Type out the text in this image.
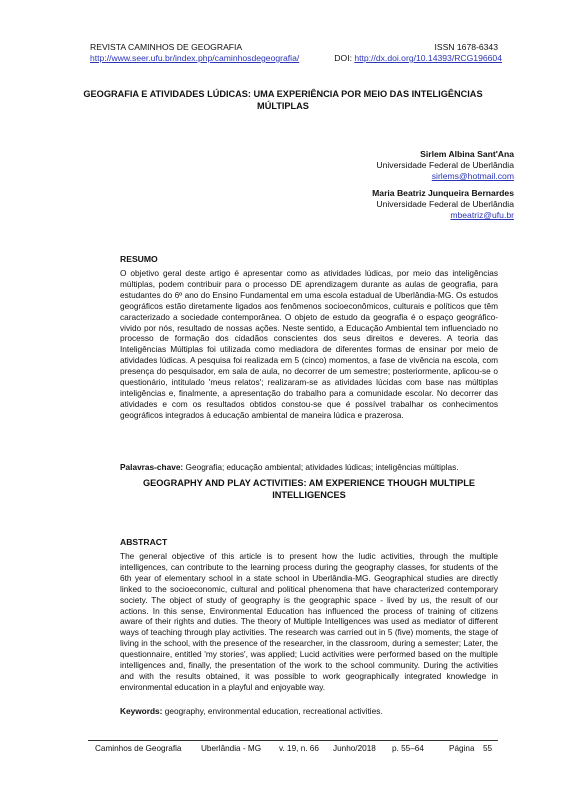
REVISTA CAMINHOS DE GEOGRAFIA	ISSN 1678-6343
http://www.seer.ufu.br/index.php/caminhosdegeografia/	DOI: http://dx.doi.org/10.14393/RCG196604
GEOGRAFIA E ATIVIDADES LÚDICAS: UMA EXPERIÊNCIA POR MEIO DAS INTELIGÊNCIAS
MÚLTIPLAS
Sirlem Albina Sant'Ana
Universidade Federal de Uberlândia
sirlems@hotmail.com
Maria Beatriz Junqueira Bernardes
Universidade Federal de Uberlândia
mbeatriz@ufu.br
RESUMO
O objetivo geral deste artigo é apresentar como as atividades lúdicas, por meio das inteligências múltiplas, podem contribuir para o processo DE aprendizagem durante as aulas de geografia, para estudantes do 6º ano do Ensino Fundamental em uma escola estadual de Uberlândia-MG. Os estudos geográficos estão diretamente ligados aos fenômenos socioeconômicos, culturais e políticos que têm caracterizado a sociedade contemporânea. O objeto de estudo da geografia é o espaço geográfico- vivido por nós, resultado de nossas ações. Neste sentido, a Educação Ambiental tem influenciado no processo de formação dos cidadãos conscientes dos seus direitos e deveres. A teoria das Inteligências Múltiplas foi utilizada como mediadora de diferentes formas de ensinar por meio de atividades lúdicas. A pesquisa foi realizada em 5 (cinco) momentos, a fase de vivência na escola, com presença do pesquisador, em sala de aula, no decorrer de um semestre; posteriormente, aplicou-se o questionário, intitulado 'meus relatos'; realizaram-se as atividades lúcidas com base nas múltiplas inteligências e, finalmente, a apresentação do trabalho para a comunidade escolar. No decorrer das atividades e com os resultados obtidos constou-se que é possível trabalhar os conhecimentos geográficos integrados à educação ambiental de maneira lúdica e prazerosa.
Palavras-chave: Geografia; educação ambiental; atividades lúdicas; inteligências múltiplas.
GEOGRAPHY AND PLAY ACTIVITIES: AM EXPERIENCE THOUGH MULTIPLE
INTELLIGENCES
ABSTRACT
The general objective of this article is to present how the ludic activities, through the multiple intelligences, can contribute to the learning process during the geography classes, for students of the 6th year of elementary school in a state school in Uberlândia-MG. Geographical studies are directly linked to the socioeconomic, cultural and political phenomena that have characterized contemporary society. The object of study of geography is the geographic space - lived by us, the result of our actions. In this sense, Environmental Education has influenced the process of training of citizens aware of their rights and duties. The theory of Multiple Intelligences was used as mediator of different ways of teaching through play activities. The research was carried out in 5 (five) moments, the stage of living in the school, with the presence of the researcher, in the classroom, during a semester; Later, the questionnaire, entitled 'my stories', was applied; Lucid activities were performed based on the multiple intelligences and, finally, the presentation of the work to the school community. During the activities and with the results obtained, it was possible to work geographically integrated knowledge in environmental education in a playful and enjoyable way.
Keywords: geography, environmental education, recreational activities.
Caminhos de Geografia Uberlândia - MG v. 19, n. 66 Junho/2018 p. 55–64	Página 55
